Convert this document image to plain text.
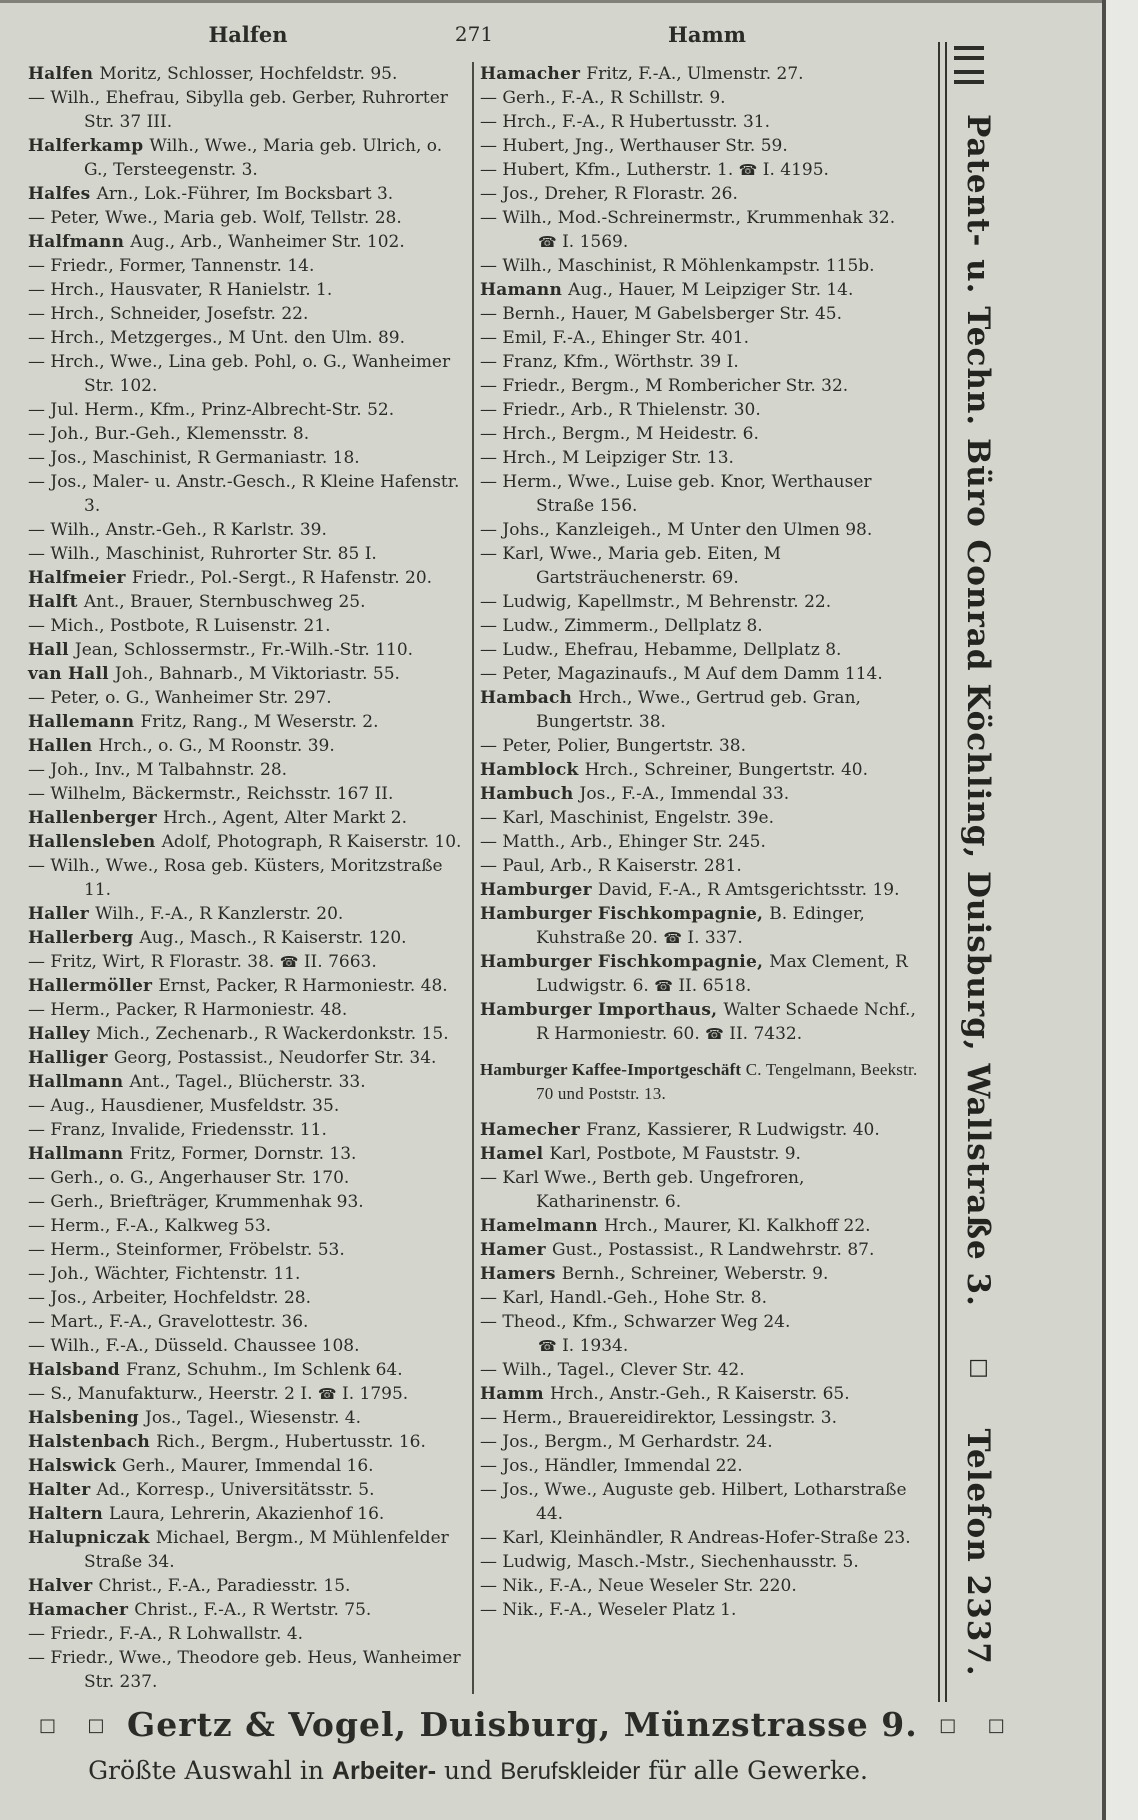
Halfen	271	Hamm
Halfen Moritz, Schlosser, Hochfeldstr. 95.
— Wilh., Ehefrau, Sibylla geb. Gerber, Ruhrorter Str. 37 III.
Halferkamp Wilh., Wwe., Maria geb. Ulrich, o. G., Tersteegenstr. 3.
Halfes Arn., Lok.-Führer, Im Bocksbart 3.
— Peter, Wwe., Maria geb. Wolf, Tellstr. 28.
Halfmann Aug., Arb., Wanheimer Str. 102.
— Friedr., Former, Tannenstr. 14.
— Hrch., Hausvater, R Hanielstr. 1.
— Hrch., Schneider, Josefstr. 22.
— Hrch., Metzgerges., M Unt. den Ulm. 89.
— Hrch., Wwe., Lina geb. Pohl, o. G., Wanheimer Str. 102.
— Jul. Herm., Kfm., Prinz-Albrecht-Str. 52.
— Joh., Bur.-Geh., Klemensstr. 8.
— Jos., Maschinist, R Germaniastr. 18.
— Jos., Maler- u. Anstr.-Gesch., R Kleine Hafenstr. 3.
— Wilh., Anstr.-Geh., R Karlstr. 39.
— Wilh., Maschinist, Ruhrorter Str. 85 I.
Halfmeier Friedr., Pol.-Sergt., R Hafenstr. 20.
Halft Ant., Brauer, Sternbuschweg 25.
— Mich., Postbote, R Luisenstr. 21.
Hall Jean, Schlossermstr., Fr.-Wilh.-Str. 110.
van Hall Joh., Bahnarb., M Viktoriastr. 55.
— Peter, o. G., Wanheimer Str. 297.
Hallemann Fritz, Rang., M Weserstr. 2.
Hallen Hrch., o. G., M Roonstr. 39.
— Joh., Inv., M Talbahnstr. 28.
— Wilhelm, Bäckermstr., Reichsstr. 167 II.
Hallenberger Hrch., Agent, Alter Markt 2.
Hallensleben Adolf, Photograph, R Kaiserstr. 10.
— Wilh., Wwe., Rosa geb. Küsters, Moritzstraße 11.
Haller Wilh., F.-A., R Kanzlerstr. 20.
Hallerberg Aug., Masch., R Kaiserstr. 120.
— Fritz, Wirt, R Florastr. 38. ☎ II. 7663.
Hallermöller Ernst, Packer, R Harmoniestr. 48.
— Herm., Packer, R Harmoniestr. 48.
Halley Mich., Zechenarb., R Wackerdonkstr. 15.
Halliger Georg, Postassist., Neudorfer Str. 34.
Hallmann Ant., Tagel., Blücherstr. 33.
— Aug., Hausdiener, Musfeldstr. 35.
— Franz, Invalide, Friedensstr. 11.
Hallmann Fritz, Former, Dornstr. 13.
— Gerh., o. G., Angerhauser Str. 170.
— Gerh., Briefträger, Krummenhak 93.
— Herm., F.-A., Kalkweg 53.
— Herm., Steinformer, Fröbelstr. 53.
— Joh., Wächter, Fichtenstr. 11.
— Jos., Arbeiter, Hochfeldstr. 28.
— Mart., F.-A., Gravelottestr. 36.
— Wilh., F.-A., Düsseld. Chaussee 108.
Halsband Franz, Schuhm., Im Schlenk 64.
— S., Manufakturw., Heerstr. 2 I. ☎ I. 1795.
Halsbening Jos., Tagel., Wiesenstr. 4.
Halstenbach Rich., Bergm., Hubertusstr. 16.
Halswick Gerh., Maurer, Immendal 16.
Halter Ad., Korresp., Universitätsstr. 5.
Haltern Laura, Lehrerin, Akazienhof 16.
Halupniczak Michael, Bergm., M Mühlenfelder Straße 34.
Halver Christ., F.-A., Paradiesstr. 15.
Hamacher Christ., F.-A., R Wertstr. 75.
— Friedr., F.-A., R Lohwallstr. 4.
— Friedr., Wwe., Theodore geb. Heus, Wanheimer Str. 237.
Hamacher Fritz, F.-A., Ulmenstr. 27.
— Gerh., F.-A., R Schillstr. 9.
— Hrch., F.-A., R Hubertusstr. 31.
— Hubert, Jng., Werthauser Str. 59.
— Hubert, Kfm., Lutherstr. 1. ☎ I. 4195.
— Jos., Dreher, R Florastr. 26.
— Wilh., Mod.-Schreinermstr., Krummenhak 32.
☎ I. 1569.
— Wilh., Maschinist, R Möhlenkampstr. 115b.
Hamann Aug., Hauer, M Leipziger Str. 14.
— Bernh., Hauer, M Gabelsberger Str. 45.
— Emil, F.-A., Ehinger Str. 401.
— Franz, Kfm., Wörthstr. 39 I.
— Friedr., Bergm., M Rombericher Str. 32.
— Friedr., Arb., R Thielenstr. 30.
— Hrch., Bergm., M Heidestr. 6.
— Hrch., M Leipziger Str. 13.
— Herm., Wwe., Luise geb. Knor, Werthauser Straße 156.
— Johs., Kanzleigeh., M Unter den Ulmen 98.
— Karl, Wwe., Maria geb. Eiten, M Gartsträuchenerstr. 69.
— Ludwig, Kapellmstr., M Behrenstr. 22.
— Ludw., Zimmerm., Dellplatz 8.
— Ludw., Ehefrau, Hebamme, Dellplatz 8.
— Peter, Magazinaufs., M Auf dem Damm 114.
Hambach Hrch., Wwe., Gertrud geb. Gran, Bungertstr. 38.
— Peter, Polier, Bungertstr. 38.
Hamblock Hrch., Schreiner, Bungertstr. 40.
Hambuch Jos., F.-A., Immendal 33.
— Karl, Maschinist, Engelstr. 39e.
— Matth., Arb., Ehinger Str. 245.
— Paul, Arb., R Kaiserstr. 281.
Hamburger David, F.-A., R Amtsgerichtsstr. 19.
Hamburger Fischkompagnie, B. Edinger, Kuhstraße 20. ☎ I. 337.
Hamburger Fischkompagnie, Max Clement, R Ludwigstr. 6. ☎ II. 6518.
Hamburger Importhaus, Walter Schaede Nchf., R Harmoniestr. 60. ☎ II. 7432.
Hamburger Kaffee-Importgeschäft C. Tengelmann, Beekstr. 70 und Poststr. 13.
Hamecher Franz, Kassierer, R Ludwigstr. 40.
Hamel Karl, Postbote, M Fauststr. 9.
— Karl Wwe., Berth geb. Ungefroren, Katharinenstr. 6.
Hamelmann Hrch., Maurer, Kl. Kalkhoff 22.
Hamer Gust., Postassist., R Landwehrstr. 87.
Hamers Bernh., Schreiner, Weberstr. 9.
— Karl, Handl.-Geh., Hohe Str. 8.
— Theod., Kfm., Schwarzer Weg 24.
☎ I. 1934.
— Wilh., Tagel., Clever Str. 42.
Hamm Hrch., Anstr.-Geh., R Kaiserstr. 65.
— Herm., Brauereidirektor, Lessingstr. 3.
— Jos., Bergm., M Gerhardstr. 24.
— Jos., Händler, Immendal 22.
— Jos., Wwe., Auguste geb. Hilbert, Lotharstraße 44.
— Karl, Kleinhändler, R Andreas-Hofer-Straße 23.
— Ludwig, Masch.-Mstr., Siechenhausstr. 5.
— Nik., F.-A., Neue Weseler Str. 220.
— Nik., F.-A., Weseler Platz 1.
Patent- u. Techn. Büro Conrad Köchling, Duisburg, Wallstraße 3. □ Telefon 2337.
□ □ Gertz & Vogel, Duisburg, Münzstrasse 9. □ □
Größte Auswahl in Arbeiter- und Berufskleider für alle Gewerke.
